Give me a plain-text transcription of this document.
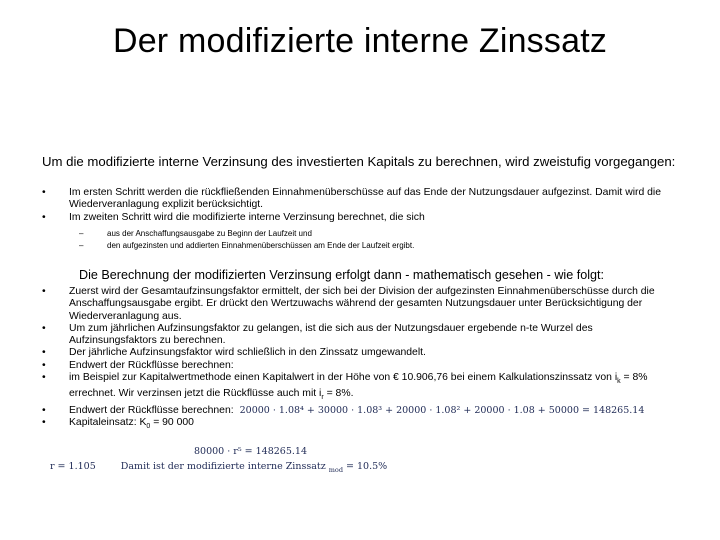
Der modifizierte interne Zinssatz
Um die modifizierte interne Verzinsung des investierten Kapitals zu berechnen, wird zweistufig vorgegangen:
• Im ersten Schritt werden die rückfließenden Einnahmenüberschüsse auf das Ende der Nutzungsdauer aufgezinst. Damit wird die Wiederveranlagung explizit berücksichtigt.
• Im zweiten Schritt wird die modifizierte interne Verzinsung berechnet, die sich
– aus der Anschaffungsausgabe zu Beginn der Laufzeit und
– den aufgezinsten und addierten Einnahmenüberschüssen am Ende der Laufzeit ergibt.
Die Berechnung der modifizierten Verzinsung erfolgt dann - mathematisch gesehen - wie folgt:
• Zuerst wird der Gesamtaufzinsungsfaktor ermittelt, der sich bei der Division der aufgezinsten Einnahmenüberschüsse durch die Anschaffungsausgabe ergibt. Er drückt den Wertzuwachs während der gesamten Nutzungsdauer unter Berücksichtigung der Wiederveranlagung aus.
• Um zum jährlichen Aufzinsungsfaktor zu gelangen, ist die sich aus der Nutzungsdauer ergebende n-te Wurzel des Aufzinsungsfaktors zu berechnen.
• Der jährliche Aufzinsungsfaktor wird schließlich in den Zinssatz umgewandelt.
• Endwert der Rückflüsse berechnen:
• im Beispiel zur Kapitalwertmethode einen Kapitalwert in der Höhe von € 10.906,76 bei einem Kalkulationszinssatz von $i_k = 8\%$ errechnet. Wir verzinsen jetzt die Rückflüsse auch mit $i_r = 8\%$.
• Endwert der Rückflüsse berechnen: 20000 · 1.08⁴ + 30000 · 1.08³ + 20000 · 1.08² + 20000 · 1.08 + 50000 = 148265.14
• Kapitaleinsatz: $K_0 = 90$ 000
80000 · r⁵ = 148265.14
r = 1.105	Damit ist der modifizierte interne Zinssatz $_{mod}$ = 10.5%
